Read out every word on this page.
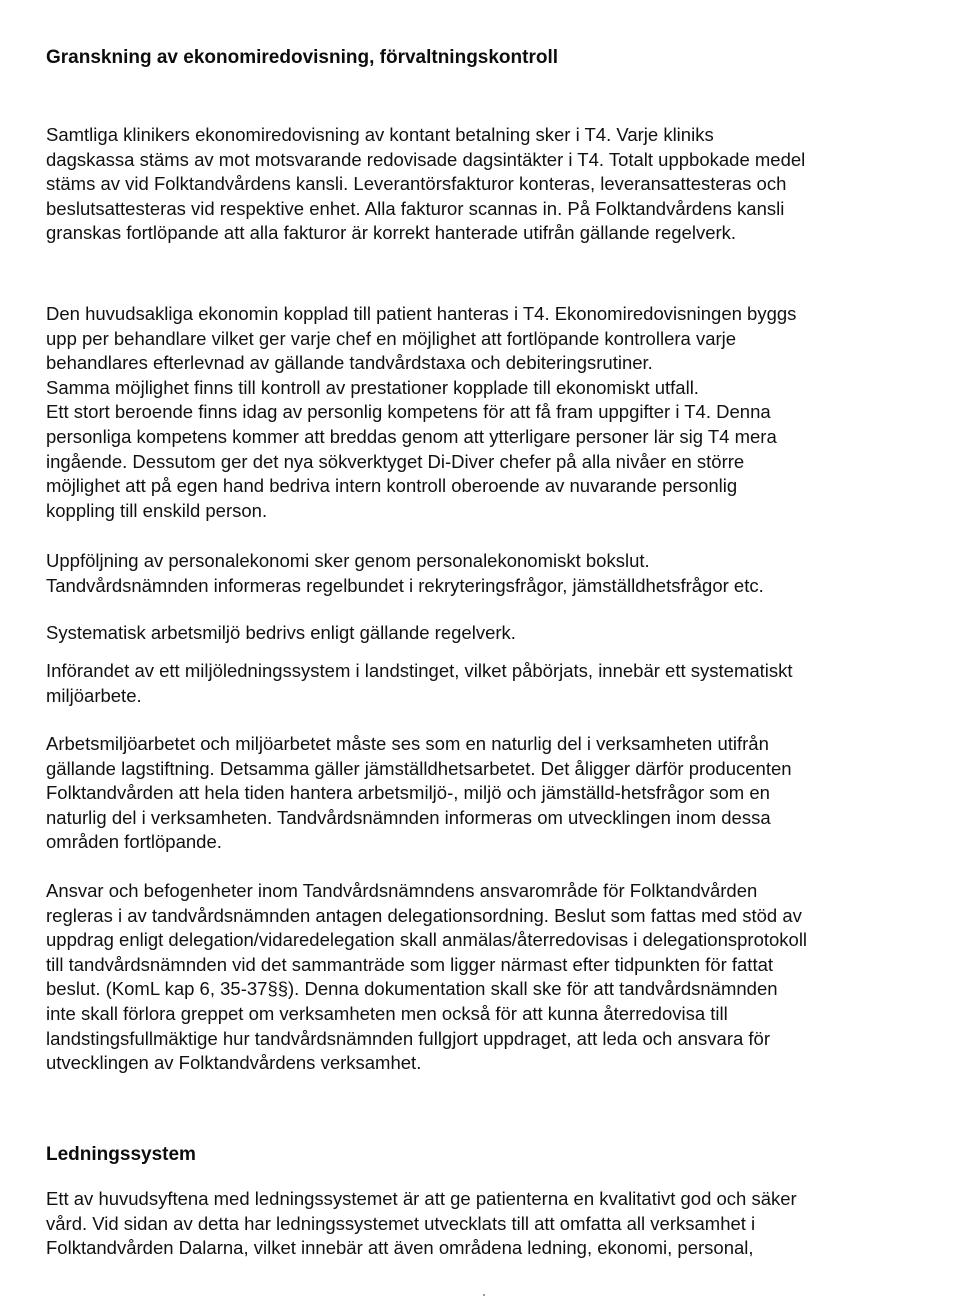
Granskning av ekonomiredovisning, förvaltningskontroll

Samtliga klinikers ekonomiredovisning av kontant betalning sker i T4. Varje kliniks
dagskassa stäms av mot motsvarande redovisade dagsintäkter i T4. Totalt uppbokade medel
stäms av vid Folktandvårdens kansli. Leverantörsfakturor konteras, leveransattesteras och
beslutsattesteras vid respektive enhet. Alla fakturor scannas in. På Folktandvårdens kansli
granskas fortlöpande att alla fakturor är korrekt hanterade utifrån gällande regelverk.

Den huvudsakliga ekonomin kopplad till patient hanteras i T4. Ekonomiredovisningen byggs
upp per behandlare vilket ger varje chef en möjlighet att fortlöpande kontrollera varje
behandlares efterlevnad av gällande tandvårdstaxa och debiteringsrutiner.
Samma möjlighet finns till kontroll av prestationer kopplade till ekonomiskt utfall.
Ett stort beroende finns idag av personlig kompetens för att få fram uppgifter i T4. Denna
personliga kompetens kommer att breddas genom att ytterligare personer lär sig T4 mera
ingående. Dessutom ger det nya sökverktyget Di-Diver chefer på alla nivåer en större
möjlighet att på egen hand bedriva intern kontroll oberoende av nuvarande personlig
koppling till enskild person.

Uppföljning av personalekonomi sker genom personalekonomiskt bokslut.
Tandvårdsnämnden informeras regelbundet i rekryteringsfrågor, jämställdhetsfrågor etc.

Systematisk arbetsmiljö bedrivs enligt gällande regelverk.

Införandet av ett miljöledningssystem i landstinget, vilket påbörjats, innebär ett systematiskt
miljöarbete.

Arbetsmiljöarbetet och miljöarbetet måste ses som en naturlig del i verksamheten utifrån
gällande lagstiftning. Detsamma gäller jämställdhetsarbetet. Det åligger därför producenten
Folktandvården att hela tiden hantera arbetsmiljö-, miljö och jämställd-hetsfrågor som en
naturlig del i verksamheten. Tandvårdsnämnden informeras om utvecklingen inom dessa
områden fortlöpande.

Ansvar och befogenheter inom Tandvårdsnämndens ansvarområde för Folktandvården
regleras i av tandvårdsnämnden antagen delegationsordning. Beslut som fattas med stöd av
uppdrag enligt delegation/vidaredelegation skall anmälas/återredovisas i delegationsprotokoll
till tandvårdsnämnden vid det sammanträde som ligger närmast efter tidpunkten för fattat
beslut. (KomL kap 6, 35-37§§). Denna dokumentation skall ske för att tandvårdsnämnden
inte skall förlora greppet om verksamheten men också för att kunna återredovisa till
landstingsfullmäktige hur tandvårdsnämnden fullgjort uppdraget, att leda och ansvara för
utvecklingen av Folktandvårdens verksamhet.

Ledningssystem

Ett av huvudsyftena med ledningssystemet är att ge patienterna en kvalitativt god och säker
vård. Vid sidan av detta har ledningssystemet utvecklats till att omfatta all verksamhet i
Folktandvården Dalarna, vilket innebär att även områdena ledning, ekonomi, personal,
